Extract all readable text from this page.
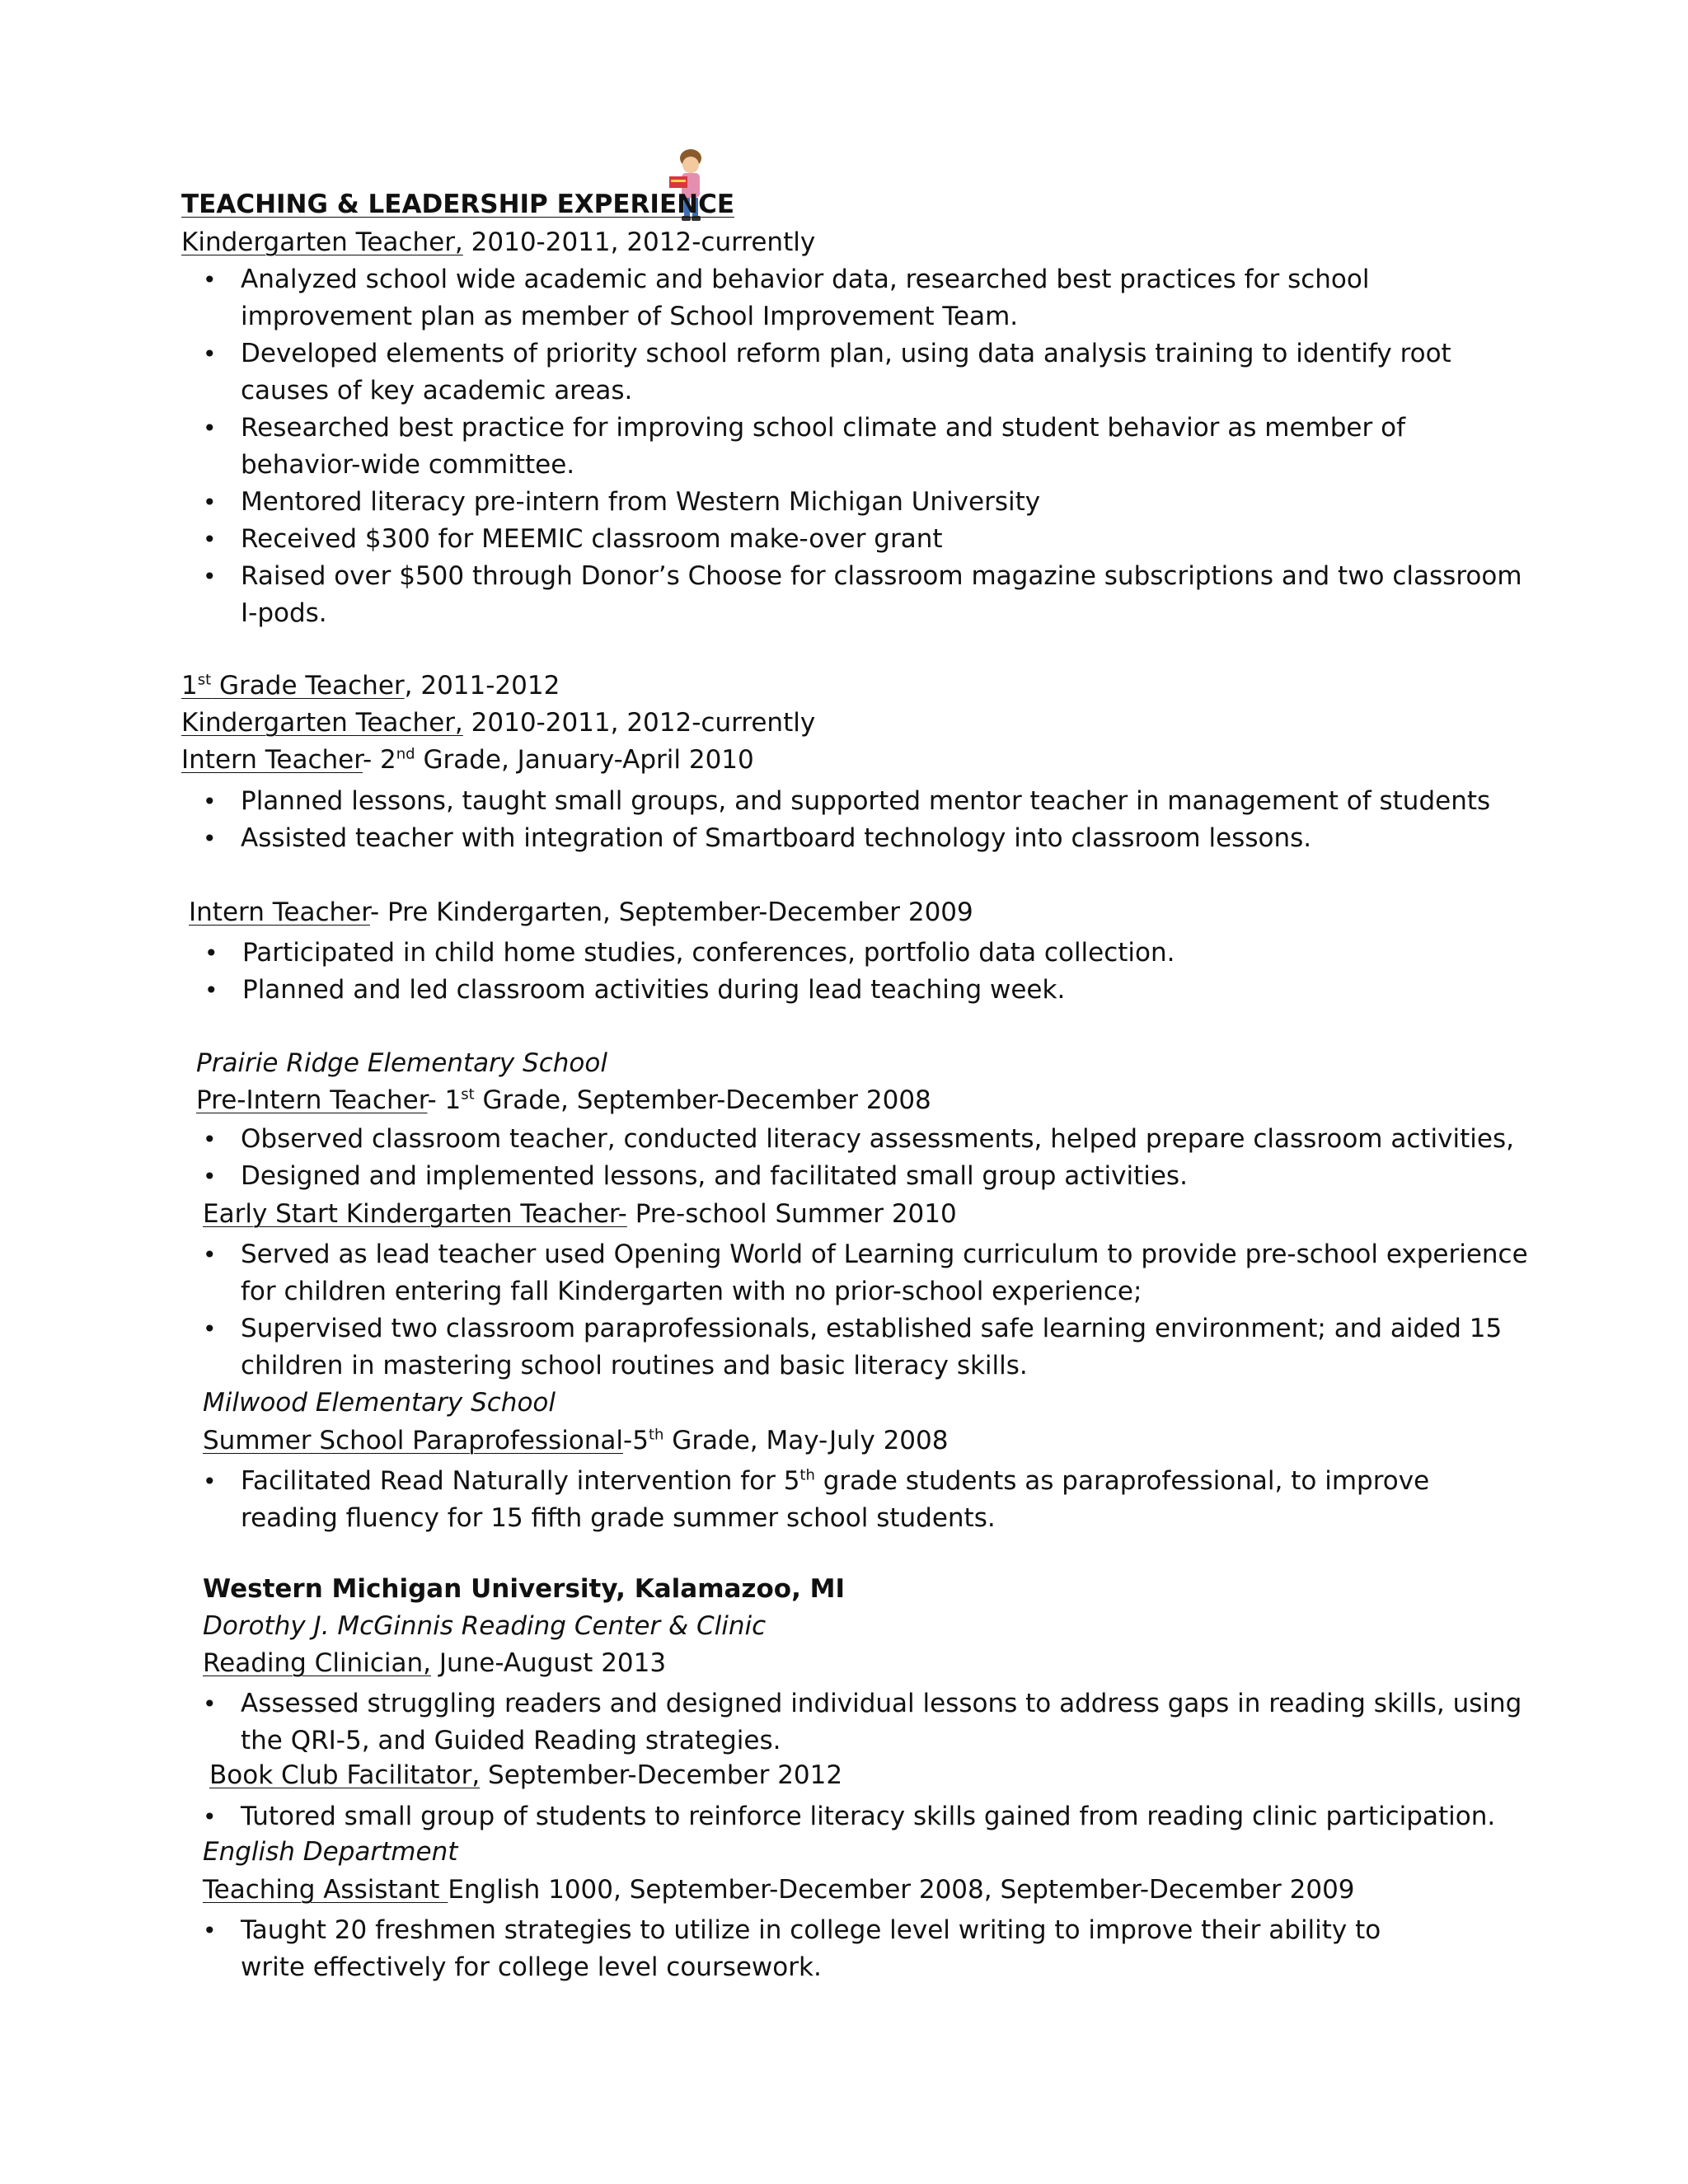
TEACHING & LEADERSHIP EXPERIENCE
Kindergarten Teacher, 2010-2011, 2012-currently
• Analyzed school wide academic and behavior data, researched best practices for school improvement plan as member of School Improvement Team.
• Developed elements of priority school reform plan, using data analysis training to identify root causes of key academic areas.
• Researched best practice for improving school climate and student behavior as member of behavior-wide committee.
• Mentored literacy pre-intern from Western Michigan University
• Received $300 for MEEMIC classroom make-over grant
• Raised over $500 through Donor’s Choose for classroom magazine subscriptions and two classroom I-pods.
1st Grade Teacher, 2011-2012
Kindergarten Teacher, 2010-2011, 2012-currently
Intern Teacher- 2nd Grade, January-April 2010
• Planned lessons, taught small groups, and supported mentor teacher in management of students
• Assisted teacher with integration of Smartboard technology into classroom lessons.
Intern Teacher- Pre Kindergarten, September-December 2009
• Participated in child home studies, conferences, portfolio data collection.
• Planned and led classroom activities during lead teaching week.
Prairie Ridge Elementary School
Pre-Intern Teacher- 1st Grade, September-December 2008
• Observed classroom teacher, conducted literacy assessments, helped prepare classroom activities,
• Designed and implemented lessons, and facilitated small group activities.
Early Start Kindergarten Teacher- Pre-school Summer 2010
• Served as lead teacher used Opening World of Learning curriculum to provide pre-school experience for children entering fall Kindergarten with no prior-school experience;
• Supervised two classroom paraprofessionals, established safe learning environment; and aided 15 children in mastering school routines and basic literacy skills.
Milwood Elementary School
Summer School Paraprofessional-5th Grade, May-July 2008
• Facilitated Read Naturally intervention for 5th grade students as paraprofessional, to improve reading fluency for 15 fifth grade summer school students.
Western Michigan University, Kalamazoo, MI
Dorothy J. McGinnis Reading Center & Clinic
Reading Clinician, June-August 2013
• Assessed struggling readers and designed individual lessons to address gaps in reading skills, using the QRI-5, and Guided Reading strategies.
Book Club Facilitator, September-December 2012
• Tutored small group of students to reinforce literacy skills gained from reading clinic participation.
English Department
Teaching Assistant English 1000, September-December 2008, September-December 2009
• Taught 20 freshmen strategies to utilize in college level writing to improve their ability to write effectively for college level coursework.
